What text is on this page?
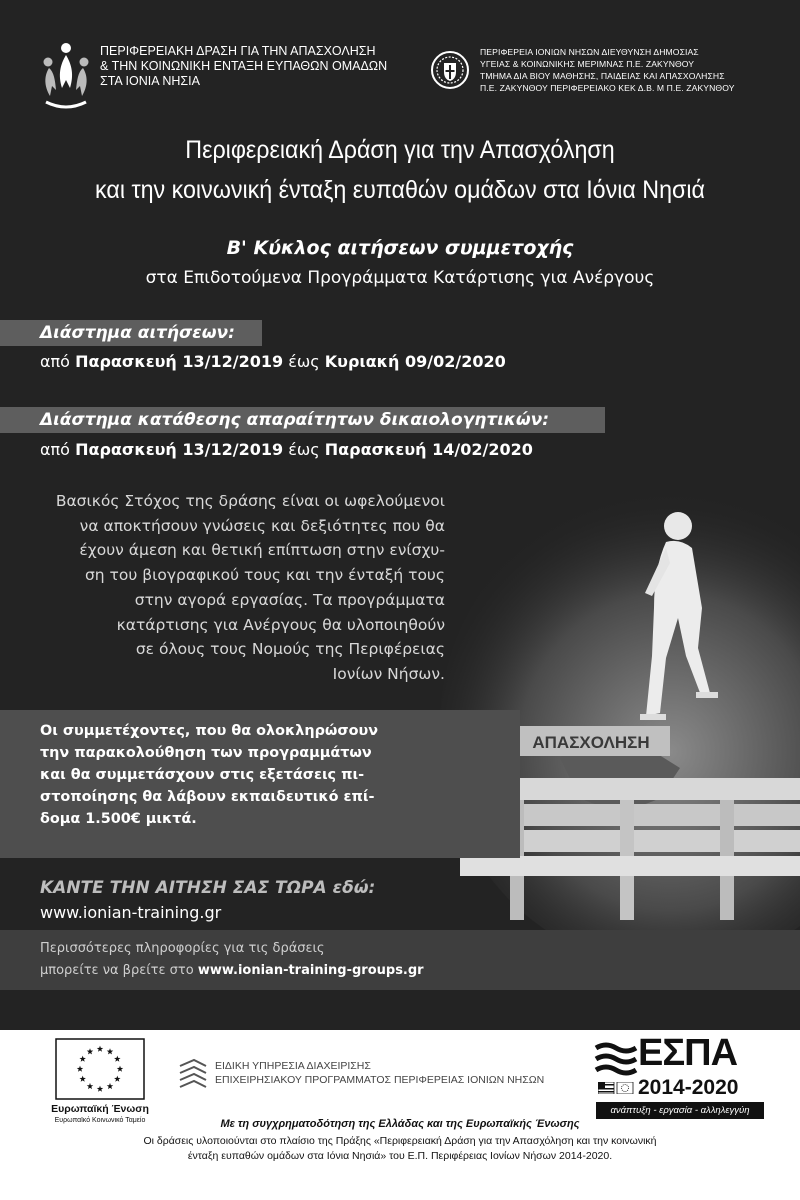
ΠΕΡΙΦΕΡΕΙΑΚΗ ΔΡΑΣΗ ΓΙΑ ΤΗΝ ΑΠΑΣΧΟΛΗΣΗ
& ΤΗΝ ΚΟΙΝΩΝΙΚΗ ΕΝΤΑΞΗ ΕΥΠΑΘΩΝ ΟΜΑΔΩΝ
ΣΤΑ ΙΟΝΙΑ ΝΗΣΙΑ
ΠΕΡΙΦΕΡΕΙΑ ΙΟΝΙΩΝ ΝΗΣΩΝ ΔΙΕΥΘΥΝΣΗ ΔΗΜΟΣΙΑΣ
ΥΓΕΙΑΣ & ΚΟΙΝΩΝΙΚΗΣ ΜΕΡΙΜΝΑΣ Π.Ε. ΖΑΚΥΝΘΟΥ
ΤΜΗΜΑ ΔΙΑ ΒΙΟΥ ΜΑΘΗΣΗΣ, ΠΑΙΔΕΙΑΣ ΚΑΙ ΑΠΑΣΧΟΛΗΣΗΣ
Π.Ε. ΖΑΚΥΝΘΟΥ ΠΕΡΙΦΕΡΕΙΑΚΟ ΚΕΚ Δ.Β. Μ Π.Ε. ΖΑΚΥΝΘΟΥ
Περιφερειακή Δράση για την Απασχόληση
και την κοινωνική ένταξη ευπαθών ομάδων στα Ιόνια Νησιά
Β' Κύκλος αιτήσεων συμμετοχής
στα Επιδοτούμενα Προγράμματα Κατάρτισης για Ανέργους
Διάστημα αιτήσεων:
από Παρασκευή 13/12/2019 έως Κυριακή 09/02/2020
Διάστημα κατάθεσης απαραίτητων δικαιολογητικών:
από Παρασκευή 13/12/2019 έως Παρασκευή 14/02/2020
ΑΠΑΣΧΟΛΗΣΗ
Βασικός Στόχος της δράσης είναι οι ωφελούμενοι
να αποκτήσουν γνώσεις και δεξιότητες που θα
έχουν άμεση και θετική επίπτωση στην ενίσχυ-
ση του βιογραφικού τους και την ένταξή τους
στην αγορά εργασίας. Τα προγράμματα
κατάρτισης για Ανέργους θα υλοποιηθούν
σε όλους τους Νομούς της Περιφέρειας
Ιονίων Νήσων.
Οι συμμετέχοντες, που θα ολοκληρώσουν
την παρακολούθηση των προγραμμάτων
και θα συμμετάσχουν στις εξετάσεις πι-
στοποίησης θα λάβουν εκπαιδευτικό επί-
δομα 1.500€ μικτά.
ΚΑΝΤΕ ΤΗΝ ΑΙΤΗΣΗ ΣΑΣ ΤΩΡΑ εδώ:
www.ionian-training.gr
Περισσότερες πληροφορίες για τις δράσεις
μπορείτε να βρείτε στο www.ionian-training-groups.gr
Ευρωπαϊκή Ένωση
Ευρωπαϊκό Κοινωνικό Ταμείο
ΕΙΔΙΚΗ ΥΠΗΡΕΣΙΑ ΔΙΑΧΕΙΡΙΣΗΣ
ΕΠΙΧΕΙΡΗΣΙΑΚΟΥ ΠΡΟΓΡΑΜΜΑΤΟΣ ΠΕΡΙΦΕΡΕΙΑΣ ΙΟΝΙΩΝ ΝΗΣΩΝ
ΕΣΠΑ
2014-2020
ανάπτυξη - εργασία - αλληλεγγύη
Με τη συγχρηματοδότηση της Ελλάδας και της Ευρωπαϊκής Ένωσης
Οι δράσεις υλοποιούνται στο πλαίσιο της Πράξης «Περιφερειακή Δράση για την Απασχόληση και την κοινωνική
ένταξη ευπαθών ομάδων στα Ιόνια Νησιά» του Ε.Π. Περιφέρειας Ιονίων Νήσων 2014-2020.
